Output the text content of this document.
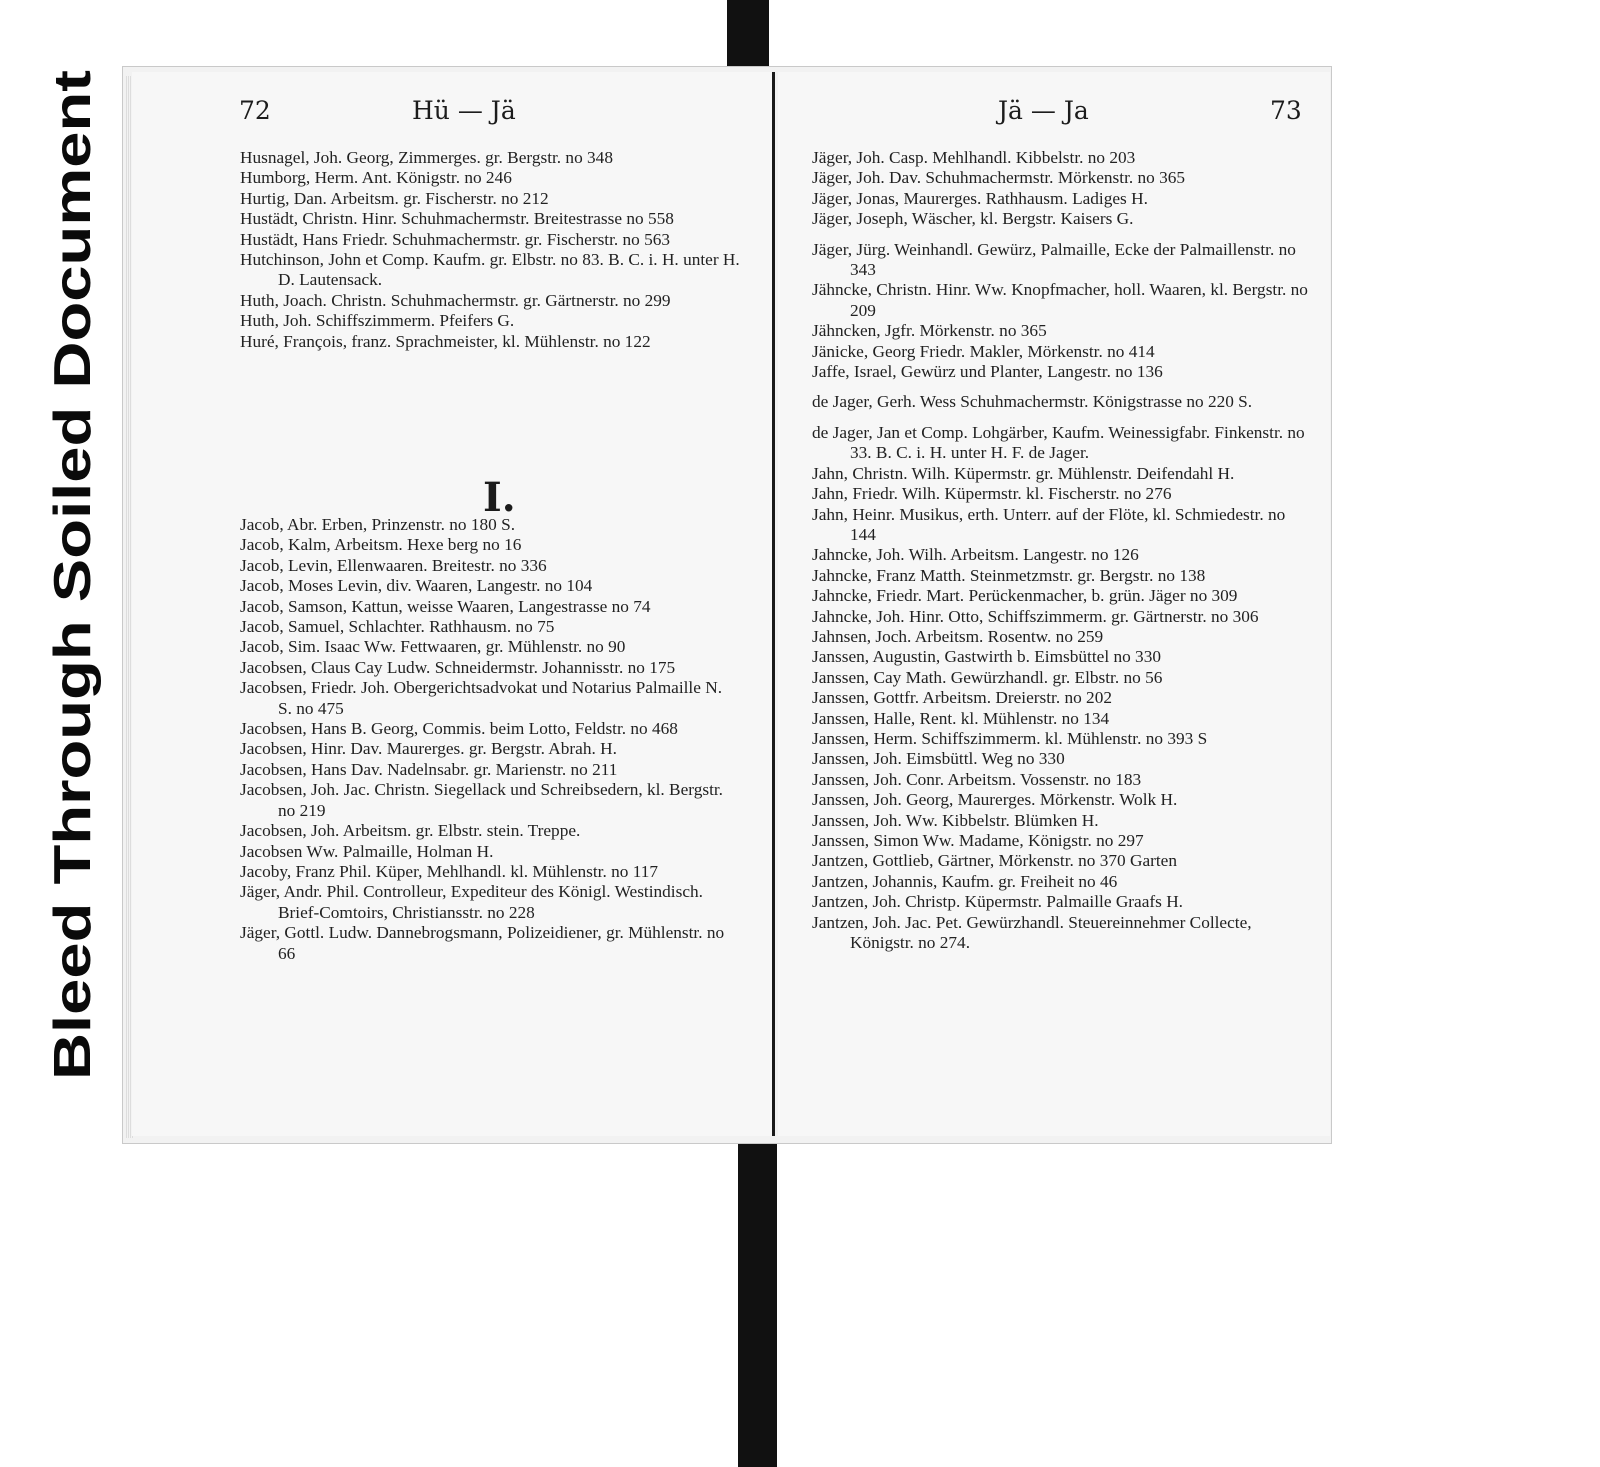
Bleed Through Soiled Document
72	Hü — Jä	Jä — Ja	73

Husnagel, Joh. Georg, Zimmerges. gr. Bergstr. no 348

Humborg, Herm. Ant. Königstr. no 246

Hurtig, Dan. Arbeitsm. gr. Fischerstr. no 212

Hustädt, Christn. Hinr. Schuhmachermstr. Breitestrasse no 558

Hustädt, Hans Friedr. Schuhmachermstr. gr. Fischerstr. no 563

Hutchinson, John et Comp. Kaufm. gr. Elbstr. no 83. B. C. i. H. unter H. D. Lautensack.

Huth, Joach. Christn. Schuhmachermstr. gr. Gärtnerstr. no 299

Huth, Joh. Schiffszimmerm. Pfeifers G.

Huré, François, franz. Sprachmeister, kl. Mühlenstr. no 122

I.

Jacob, Abr. Erben, Prinzenstr. no 180 S.

Jacob, Kalm, Arbeitsm. Hexe berg no 16

Jacob, Levin, Ellenwaaren. Breitestr. no 336

Jacob, Moses Levin, div. Waaren, Langestr. no 104

Jacob, Samson, Kattun, weisse Waaren, Langestrasse no 74

Jacob, Samuel, Schlachter. Rathhausm. no 75

Jacob, Sim. Isaac Ww. Fettwaaren, gr. Mühlenstr. no 90

Jacobsen, Claus Cay Ludw. Schneidermstr. Johannisstr. no 175

Jacobsen, Friedr. Joh. Obergerichtsadvokat und Notarius Palmaille N. S. no 475

Jacobsen, Hans B. Georg, Commis. beim Lotto, Feldstr. no 468

Jacobsen, Hinr. Dav. Maurerges. gr. Bergstr. Abrah. H.

Jacobsen, Hans Dav. Nadelnsabr. gr. Marienstr. no 211

Jacobsen, Joh. Jac. Christn. Siegellack und Schreibsedern, kl. Bergstr. no 219

Jacobsen, Joh. Arbeitsm. gr. Elbstr. stein. Treppe.

Jacobsen Ww. Palmaille, Holman H.

Jacoby, Franz Phil. Küper, Mehlhandl. kl. Mühlenstr. no 117

Jäger, Andr. Phil. Controlleur, Expediteur des Königl. Westindisch. Brief-Comtoirs, Christiansstr. no 228

Jäger, Gottl. Ludw. Dannebrogsmann, Polizeidiener, gr. Mühlenstr. no 66

Jäger, Joh. Casp. Mehlhandl. Kibbelstr. no 203

Jäger, Joh. Dav. Schuhmachermstr. Mörkenstr. no 365

Jäger, Jonas, Maurerges. Rathhausm. Ladiges H.

Jäger, Joseph, Wäscher, kl. Bergstr. Kaisers G.

Jäger, Jürg. Weinhandl. Gewürz, Palmaille, Ecke der Palmaillenstr. no 343

Jähncke, Christn. Hinr. Ww. Knopfmacher, holl. Waaren, kl. Bergstr. no 209

Jähncken, Jgfr. Mörkenstr. no 365

Jänicke, Georg Friedr. Makler, Mörkenstr. no 414

Jaffe, Israel, Gewürz und Planter, Langestr. no 136

de Jager, Gerh. Wess Schuhmachermstr. Königstrasse no 220 S.

de Jager, Jan et Comp. Lohgärber, Kaufm. Weinessigfabr. Finkenstr. no 33. B. C. i. H. unter H. F. de Jager.

Jahn, Christn. Wilh. Küpermstr. gr. Mühlenstr. Deifendahl H.

Jahn, Friedr. Wilh. Küpermstr. kl. Fischerstr. no 276

Jahn, Heinr. Musikus, erth. Unterr. auf der Flöte, kl. Schmiedestr. no 144

Jahncke, Joh. Wilh. Arbeitsm. Langestr. no 126

Jahncke, Franz Matth. Steinmetzmstr. gr. Bergstr. no 138

Jahncke, Friedr. Mart. Perückenmacher, b. grün. Jäger no 309

Jahncke, Joh. Hinr. Otto, Schiffszimmerm. gr. Gärtnerstr. no 306

Jahnsen, Joch. Arbeitsm. Rosentw. no 259

Janssen, Augustin, Gastwirth b. Eimsbüttel no 330

Janssen, Cay Math. Gewürzhandl. gr. Elbstr. no 56

Janssen, Gottfr. Arbeitsm. Dreierstr. no 202

Janssen, Halle, Rent. kl. Mühlenstr. no 134

Janssen, Herm. Schiffszimmerm. kl. Mühlenstr. no 393 S

Janssen, Joh. Eimsbüttl. Weg no 330

Janssen, Joh. Conr. Arbeitsm. Vossenstr. no 183

Janssen, Joh. Georg, Maurerges. Mörkenstr. Wolk H.

Janssen, Joh. Ww. Kibbelstr. Blümken H.

Janssen, Simon Ww. Madame, Königstr. no 297

Jantzen, Gottlieb, Gärtner, Mörkenstr. no 370 Garten

Jantzen, Johannis, Kaufm. gr. Freiheit no 46

Jantzen, Joh. Christp. Küpermstr. Palmaille Graafs H.

Jantzen, Joh. Jac. Pet. Gewürzhandl. Steuereinnehmer Collecte, Königstr. no 274.
